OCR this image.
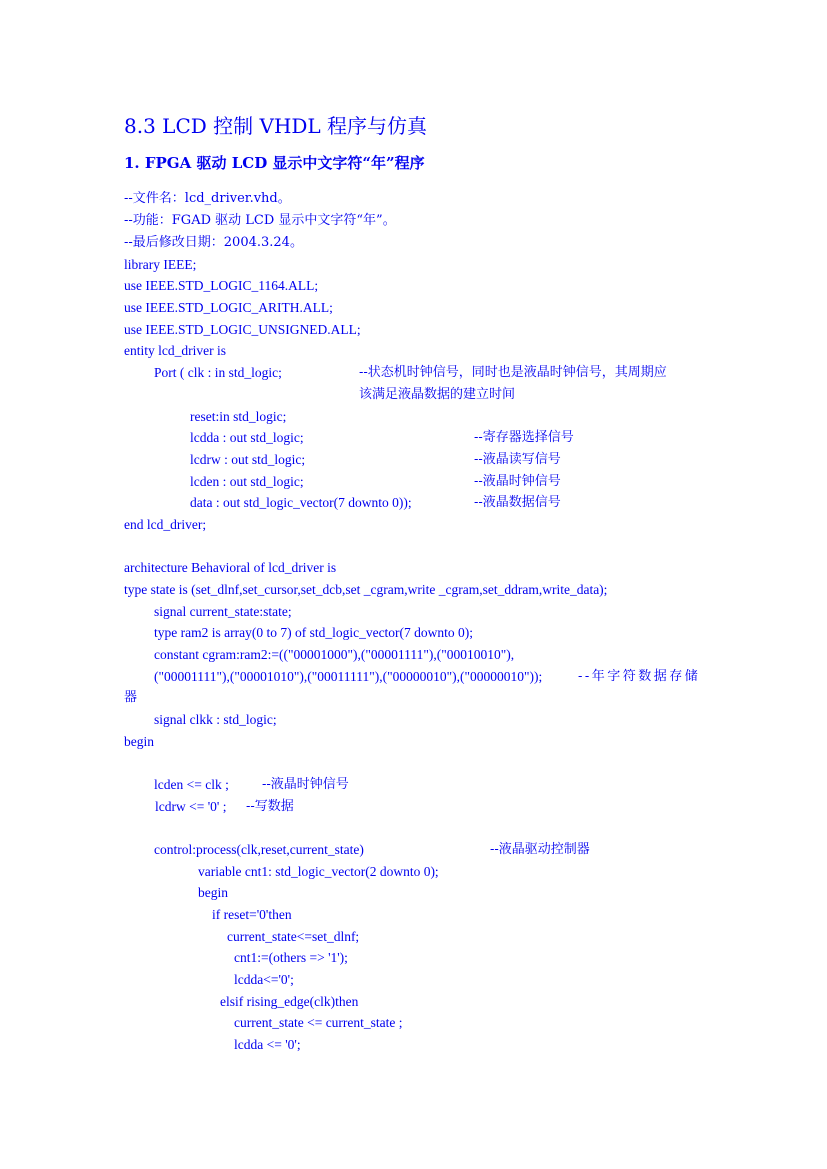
8.3 LCD 控制 VHDL 程序与仿真
1. FPGA 驱动 LCD 显示中文字符“年”程序
--文件名：lcd_driver.vhd。
--功能：FGAD 驱动 LCD 显示中文字符“年”。
--最后修改日期：2004.3.24。
library IEEE;
use IEEE.STD_LOGIC_1164.ALL;
use IEEE.STD_LOGIC_ARITH.ALL;
use IEEE.STD_LOGIC_UNSIGNED.ALL;
entity lcd_driver is
Port ( clk : in std_logic;	--状态机时钟信号，同时也是液晶时钟信号，其周期应
该满足液晶数据的建立时间
reset:in std_logic;
lcdda : out std_logic;	--寄存器选择信号
lcdrw : out std_logic;	--液晶读写信号
lcden : out std_logic;	--液晶时钟信号
data : out std_logic_vector(7 downto 0));	--液晶数据信号
end lcd_driver;
architecture Behavioral of lcd_driver is
type state is (set_dlnf,set_cursor,set_dcb,set _cgram,write _cgram,set_ddram,write_data);
signal current_state:state;
type ram2 is array(0 to 7) of std_logic_vector(7 downto 0);
constant cgram:ram2:=(("00001000"),("00001111"),("00010010"),
("00001111"),("00001010"),("00011111"),("00000010"),("00000010"));	--年字符数据存储
器
signal clkk : std_logic;
begin
lcden <= clk ;	--液晶时钟信号
lcdrw <= '0' ; --写数据
control:process(clk,reset,current_state)	--液晶驱动控制器
variable cnt1: std_logic_vector(2 downto 0);
begin
if reset='0'then
current_state<=set_dlnf;
cnt1:=(others => '1');
lcdda<='0';
elsif rising_edge(clk)then
current_state <= current_state ;
lcdda <= '0';
